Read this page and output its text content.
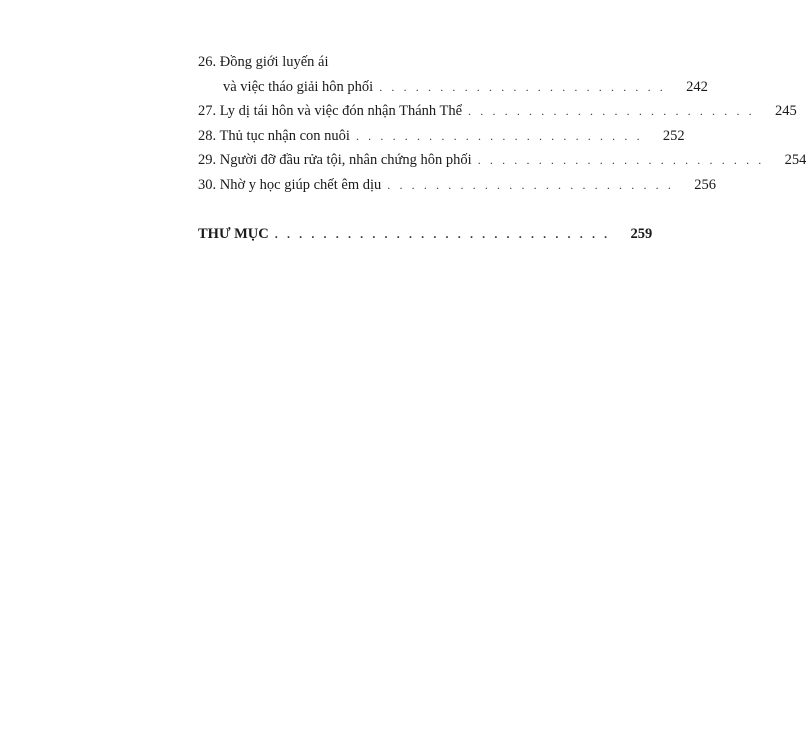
26. Đồng giới luyến ái
và việc tháo giải hôn phối . . . . . . . . . . . . . . . . . . . . . . . .	242
27. Ly dị tái hôn và việc đón nhận Thánh Thể . . . . . . . . . . . . . . . . . . . . . . . .	245
28. Thủ tục nhận con nuôi . . . . . . . . . . . . . . . . . . . . . . . .	252
29. Người đỡ đầu rửa tội, nhân chứng hôn phối . . . . . . . . . . . . . . . . . . . . . . . .	254
30. Nhờ y học giúp chết êm dịu . . . . . . . . . . . . . . . . . . . . . . . .	256
THƯ MỤC . . . . . . . . . . . . . . . . . . . . . . . . . . . .	259
